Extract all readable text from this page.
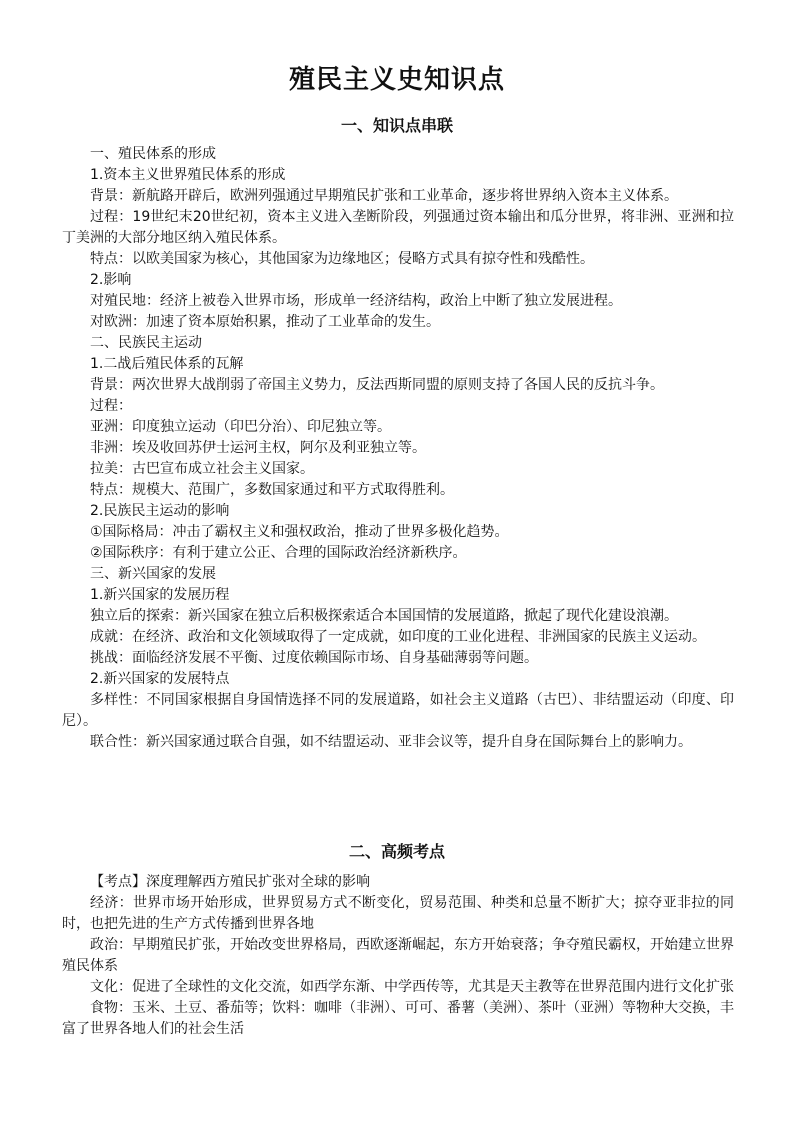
殖民主义史知识点
一、知识点串联

一、殖民体系的形成

1.资本主义世界殖民体系的形成

背景：新航路开辟后，欧洲列强通过早期殖民扩张和工业革命，逐步将世界纳入资本主义体系。

过程：19世纪末20世纪初，资本主义进入垄断阶段，列强通过资本输出和瓜分世界，将非洲、亚洲和拉丁美洲的大部分地区纳入殖民体系。

特点：以欧美国家为核心，其他国家为边缘地区；侵略方式具有掠夺性和残酷性。

2.影响

对殖民地：经济上被卷入世界市场，形成单一经济结构，政治上中断了独立发展进程。

对欧洲：加速了资本原始积累，推动了工业革命的发生。

二、民族民主运动

1.二战后殖民体系的瓦解

背景：两次世界大战削弱了帝国主义势力，反法西斯同盟的原则支持了各国人民的反抗斗争。

过程：

亚洲：印度独立运动（印巴分治）、印尼独立等。

非洲：埃及收回苏伊士运河主权，阿尔及利亚独立等。

拉美：古巴宣布成立社会主义国家。

特点：规模大、范围广，多数国家通过和平方式取得胜利。

2.民族民主运动的影响

①国际格局：冲击了霸权主义和强权政治，推动了世界多极化趋势。

②国际秩序：有利于建立公正、合理的国际政治经济新秩序。

三、新兴国家的发展

1.新兴国家的发展历程

独立后的探索：新兴国家在独立后积极探索适合本国国情的发展道路，掀起了现代化建设浪潮。

成就：在经济、政治和文化领域取得了一定成就，如印度的工业化进程、非洲国家的民族主义运动。

挑战：面临经济发展不平衡、过度依赖国际市场、自身基础薄弱等问题。

2.新兴国家的发展特点

多样性：不同国家根据自身国情选择不同的发展道路，如社会主义道路（古巴）、非结盟运动（印度、印尼）。

联合性：新兴国家通过联合自强，如不结盟运动、亚非会议等，提升自身在国际舞台上的影响力。

二、高频考点

【考点】深度理解西方殖民扩张对全球的影响

经济：世界市场开始形成，世界贸易方式不断变化，贸易范围、种类和总量不断扩大；掠夺亚非拉的同时，也把先进的生产方式传播到世界各地

政治：早期殖民扩张，开始改变世界格局，西欧逐渐崛起，东方开始衰落；争夺殖民霸权，开始建立世界殖民体系

文化：促进了全球性的文化交流，如西学东渐、中学西传等，尤其是天主教等在世界范围内进行文化扩张

食物：玉米、土豆、番茄等；饮料：咖啡（非洲）、可可、番薯（美洲）、茶叶（亚洲）等物种大交换，丰富了世界各地人们的社会生活
